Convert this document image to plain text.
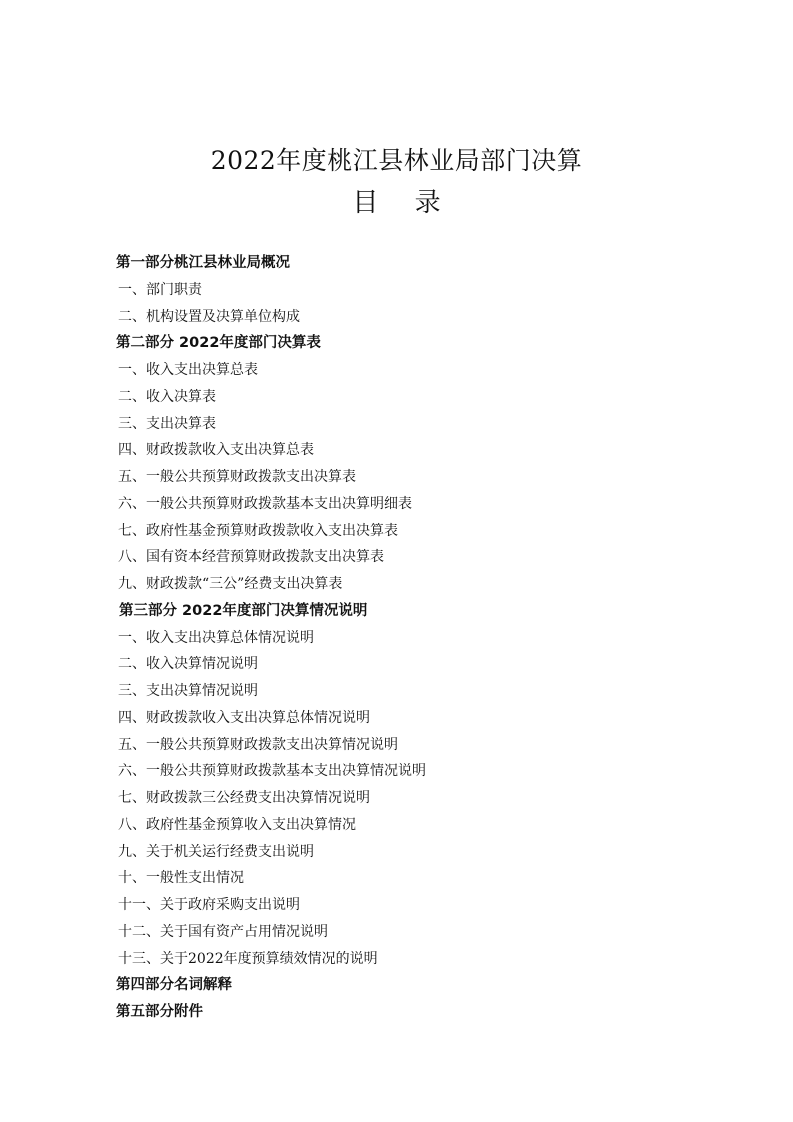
2022年度桃江县林业局部门决算
目 录
第一部分桃江县林业局概况
一、部门职责
二、机构设置及决算单位构成
第二部分 2022年度部门决算表
一、收入支出决算总表
二、收入决算表
三、支出决算表
四、财政拨款收入支出决算总表
五、一般公共预算财政拨款支出决算表
六、一般公共预算财政拨款基本支出决算明细表
七、政府性基金预算财政拨款收入支出决算表
八、国有资本经营预算财政拨款支出决算表
九、财政拨款“三公”经费支出决算表
第三部分 2022年度部门决算情况说明
一、收入支出决算总体情况说明
二、收入决算情况说明
三、支出决算情况说明
四、财政拨款收入支出决算总体情况说明
五、一般公共预算财政拨款支出决算情况说明
六、一般公共预算财政拨款基本支出决算情况说明
七、财政拨款三公经费支出决算情况说明
八、政府性基金预算收入支出决算情况
九、关于机关运行经费支出说明
十、一般性支出情况
十一、关于政府采购支出说明
十二、关于国有资产占用情况说明
十三、关于2022年度预算绩效情况的说明
第四部分名词解释
第五部分附件
